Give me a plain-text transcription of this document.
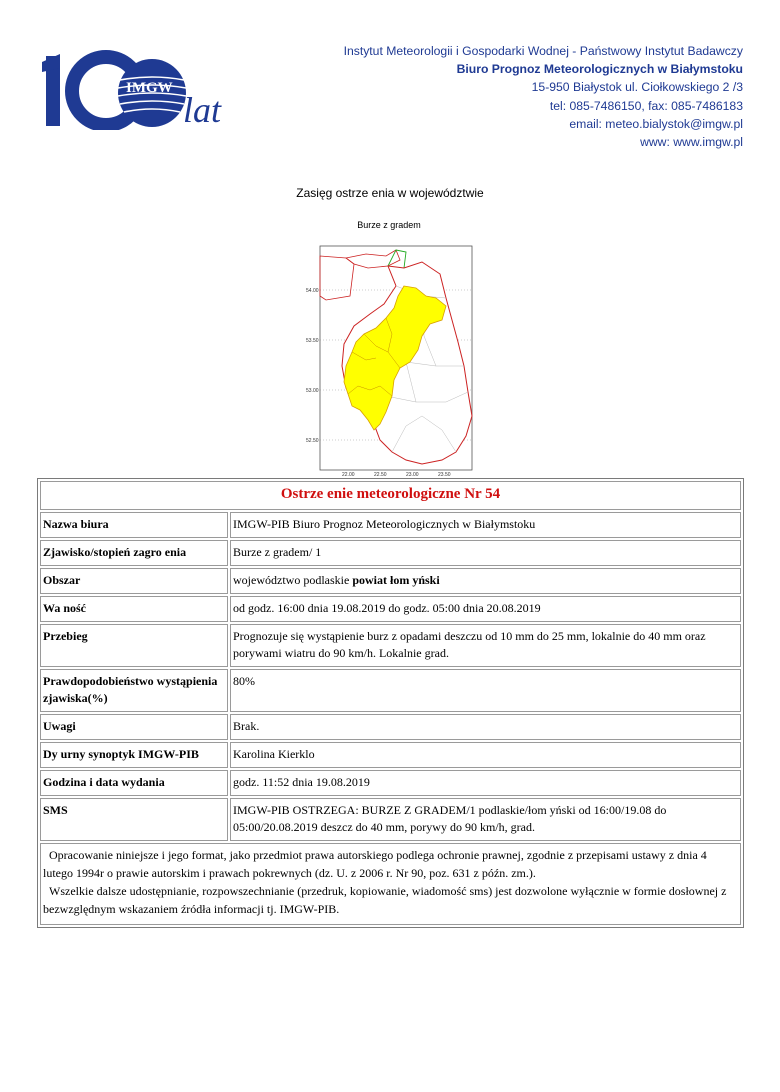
IMGW
lat
Instytut Meteorologii i Gospodarki Wodnej - Państwowy Instytut Badawczy
Biuro Prognoz Meteorologicznych w Białymstoku
15-950 Białystok ul. Ciołkowskiego 2 /3
tel: 085-7486150, fax: 085-7486183
email: meteo.bialystok@imgw.pl
www: www.imgw.pl
Zasięg ostrze enia w województwie
54.00
53.50
53.00
52.50
22.00	22.50	23.00	23.50
Burze z gradem
Ostrze enie meteorologiczne Nr 54	
Nazwa biura	IMGW-PIB Biuro Prognoz Meteorologicznych w Białymstoku
Zjawisko/stopień zagro enia	Burze z gradem/ 1
Obszar	województwo podlaskie powiat łom yński
Wa ność	od godz. 16:00 dnia 19.08.2019 do godz. 05:00 dnia 20.08.2019
Przebieg	Prognozuje się wystąpienie burz z opadami deszczu od 10 mm do 25 mm, lokalnie do 40 mm oraz porywami wiatru do 90 km/h. Lokalnie grad.
Prawdopodobieństwo wystąpienia zjawiska(%)	80%
Uwagi	Brak.
Dy urny synoptyk IMGW-PIB	Karolina Kierklo
Godzina i data wydania	godz. 11:52 dnia 19.08.2019
SMS	IMGW-PIB OSTRZEGA: BURZE Z GRADEM/1 podlaskie/łom yński od 16:00/19.08 do 05:00/20.08.2019 deszcz do 40 mm, porywy do 90 km/h, grad.

Opracowanie niniejsze i jego format, jako przedmiot prawa autorskiego podlega ochronie prawnej, zgodnie z przepisami ustawy z dnia 4 lutego 1994r o prawie autorskim i prawach pokrewnych (dz. U. z 2006 r. Nr 90, poz. 631 z późn. zm.).
Wszelkie dalsze udostępnianie, rozpowszechnianie (przedruk, kopiowanie, wiadomość sms) jest dozwolone wyłącznie w formie dosłownej z bezwzględnym wskazaniem źródła informacji tj. IMGW-PIB.	
